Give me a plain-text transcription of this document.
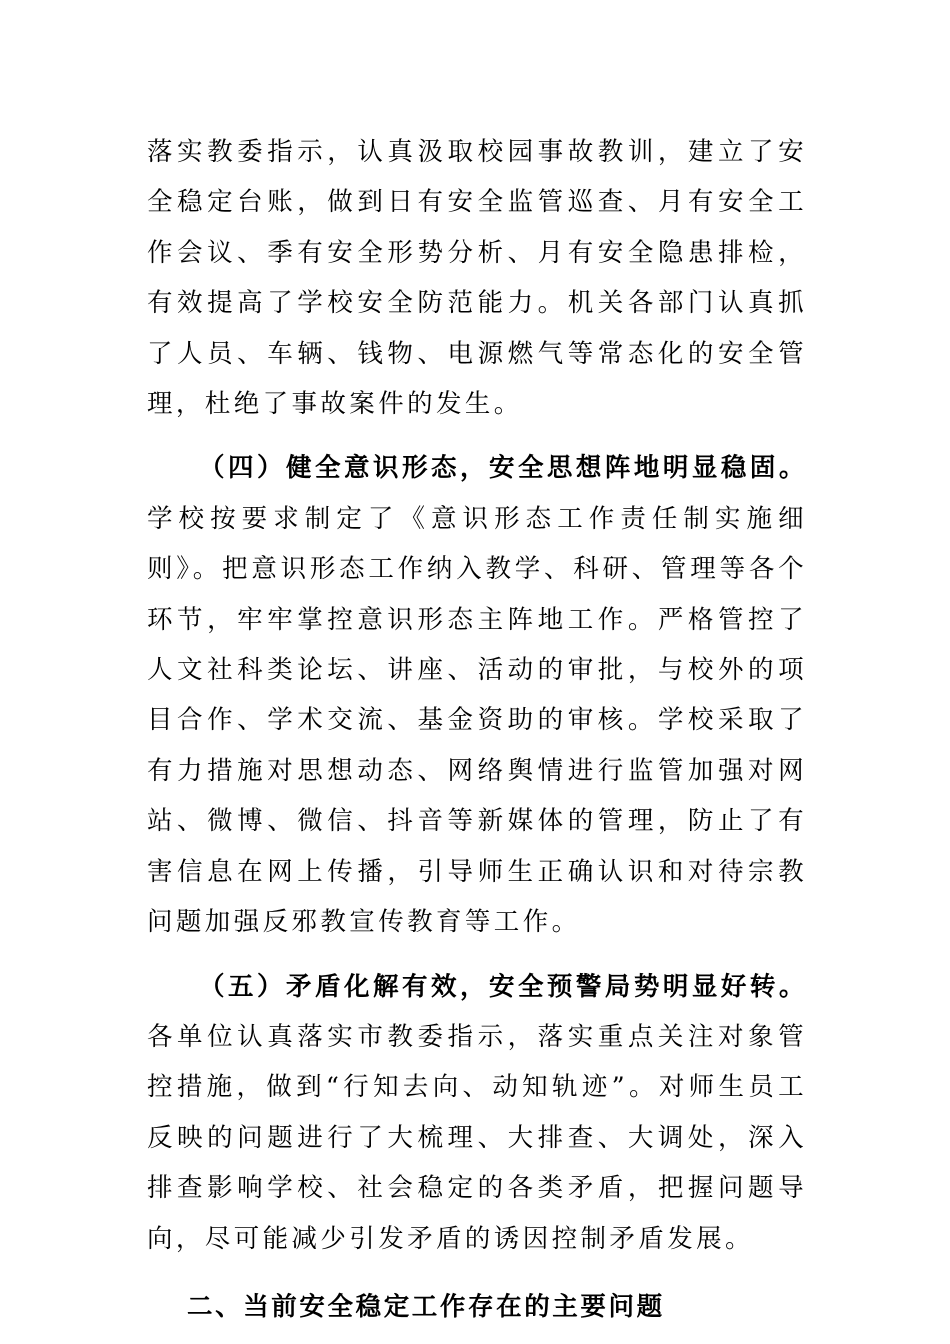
落实教委指示，认真汲取校园事故教训，建立了安全稳定台账，做到日有安全监管巡查、月有安全工作会议、季有安全形势分析、月有安全隐患排检，有效提高了学校安全防范能力。机关各部门认真抓了人员、车辆、钱物、电源燃气等常态化的安全管理，杜绝了事故案件的发生。

（四）健全意识形态，安全思想阵地明显稳固。学校按要求制定了《意识形态工作责任制实施细则》。把意识形态工作纳入教学、科研、管理等各个环节，牢牢掌控意识形态主阵地工作。严格管控了人文社科类论坛、讲座、活动的审批，与校外的项目合作、学术交流、基金资助的审核。学校采取了有力措施对思想动态、网络舆情进行监管加强对网站、微博、微信、抖音等新媒体的管理，防止了有害信息在网上传播，引导师生正确认识和对待宗教问题加强反邪教宣传教育等工作。

（五）矛盾化解有效，安全预警局势明显好转。各单位认真落实市教委指示，落实重点关注对象管控措施，做到“行知去向、动知轨迹”。对师生员工反映的问题进行了大梳理、大排查、大调处，深入排查影响学校、社会稳定的各类矛盾，把握问题导向，尽可能减少引发矛盾的诱因控制矛盾发展。

二、当前安全稳定工作存在的主要问题
